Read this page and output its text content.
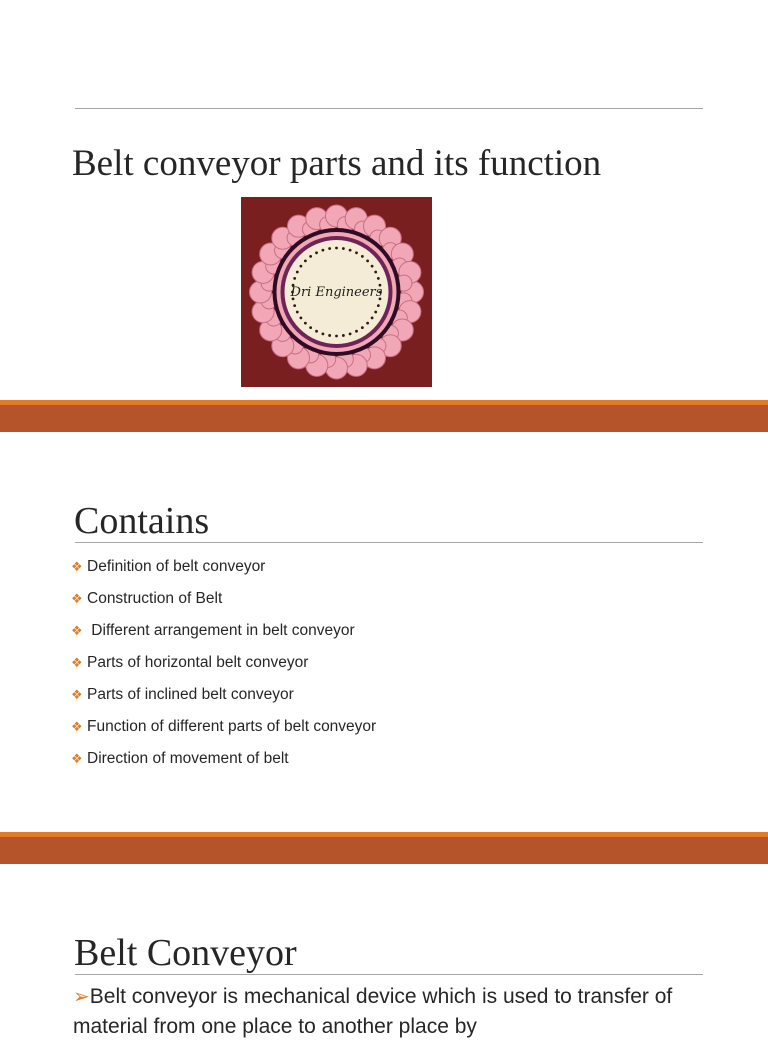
Belt conveyor parts and its function
Dri Engineers
Contains
❖ Definition of belt conveyor
❖ Construction of Belt
❖ Different arrangement in belt conveyor
❖ Parts of horizontal belt conveyor
❖ Parts of inclined belt conveyor
❖ Function of different parts of belt conveyor
❖ Direction of movement of belt
Belt Conveyor

➢Belt conveyor is mechanical device which is used to transfer of material from one place to another place by
